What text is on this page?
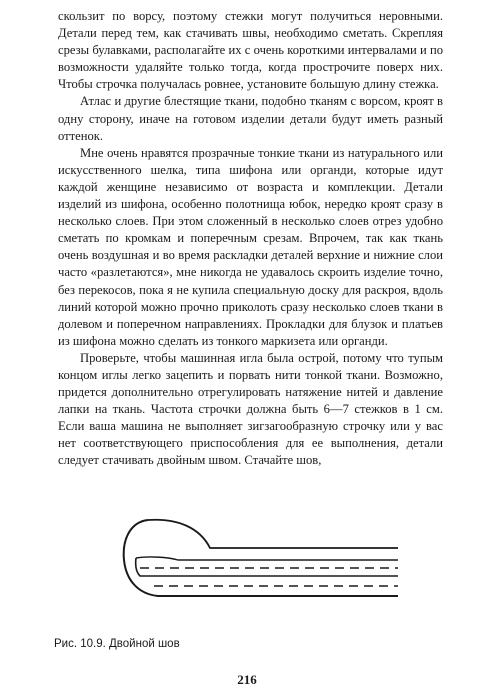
скользит по ворсу, поэтому стежки могут получиться неровными. Детали перед тем, как стачивать швы, необходимо сметать. Скрепляя срезы булавками, располагайте их с очень короткими интервалами и по возможности удаляйте только тогда, когда прострочите поверх них. Чтобы строчка получалась ровнее, установите большую длину стежка.

Атлас и другие блестящие ткани, подобно тканям с ворсом, кроят в одну сторону, иначе на готовом изделии детали будут иметь разный оттенок.

Мне очень нравятся прозрачные тонкие ткани из натурального или искусственного шелка, типа шифона или органди, которые идут каждой женщине независимо от возраста и комплекции. Детали изделий из шифона, особенно полотнища юбок, нередко кроят сразу в несколько слоев. При этом сложенный в несколько слоев отрез удобно сметать по кромкам и поперечным срезам. Впрочем, так как ткань очень воздушная и во время раскладки деталей верхние и нижние слои часто «разлетаются», мне никогда не удавалось скроить изделие точно, без перекосов, пока я не купила специальную доску для раскроя, вдоль линий которой можно прочно приколоть сразу несколько слоев ткани в долевом и поперечном направлениях. Прокладки для блузок и платьев из шифона можно сделать из тонкого маркизета или органди.

Проверьте, чтобы машинная игла была острой, потому что тупым концом иглы легко зацепить и порвать нити тонкой ткани. Возможно, придется дополнительно отрегулировать натяжение нитей и давление лапки на ткань. Частота строчки должна быть 6—7 стежков в 1 см. Если ваша машина не выполняет зигзагообразную строчку или у вас нет соответствующего приспособления для ее выполнения, детали следует стачивать двойным швом. Стачайте шов,

Рис. 10.9. Двойной шов
216
